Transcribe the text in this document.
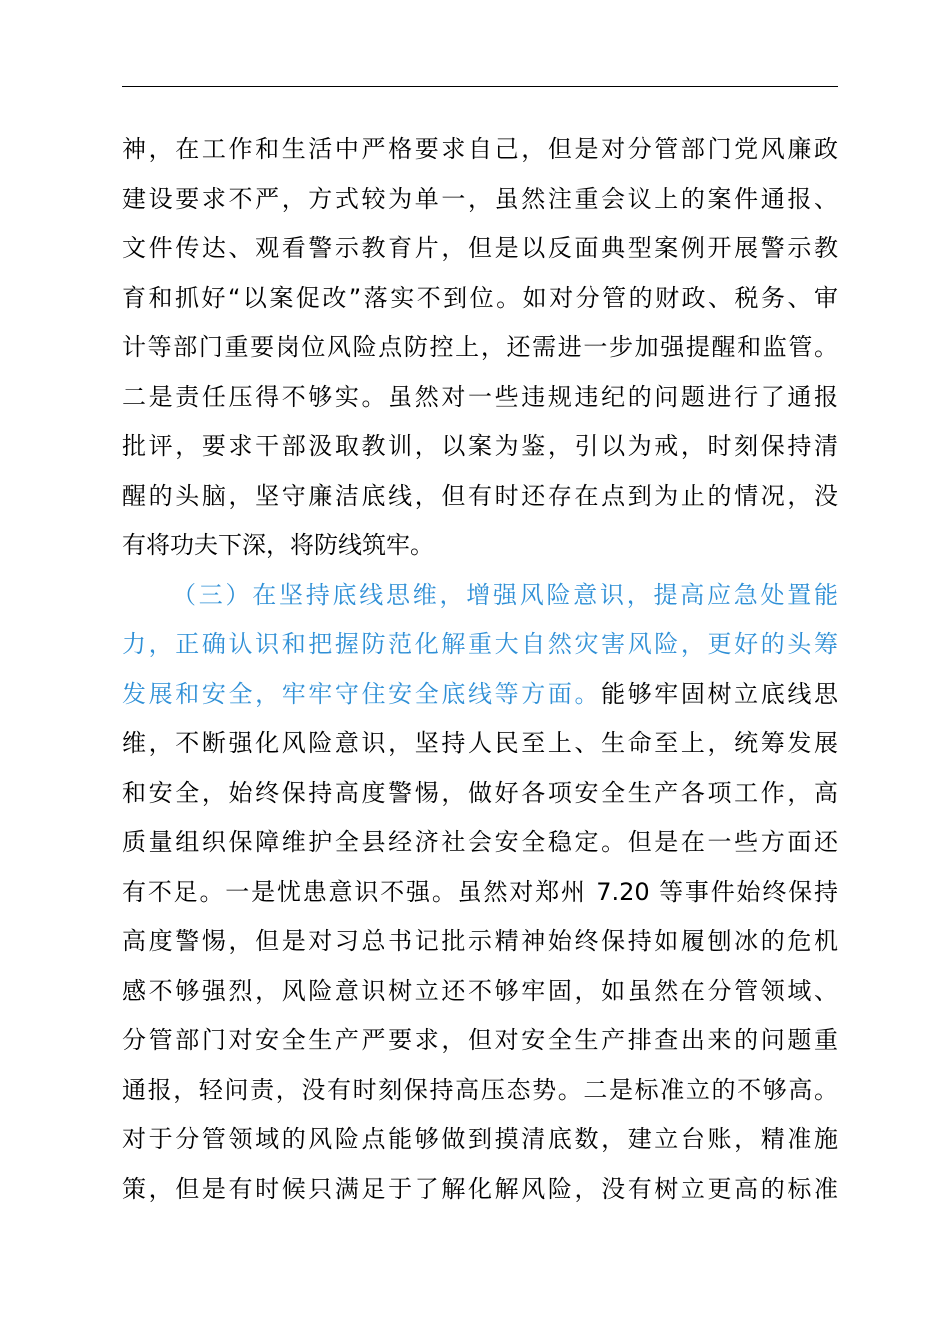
神，在工作和生活中严格要求自己，但是对分管部门党风廉政
建设要求不严，方式较为单一，虽然注重会议上的案件通报、
文件传达、观看警示教育片，但是以反面典型案例开展警示教
育和抓好“以案促改”落实不到位。如对分管的财政、税务、审
计等部门重要岗位风险点防控上，还需进一步加强提醒和监管。
二是责任压得不够实。虽然对一些违规违纪的问题进行了通报
批评，要求干部汲取教训，以案为鉴，引以为戒，时刻保持清
醒的头脑，坚守廉洁底线，但有时还存在点到为止的情况，没
有将功夫下深，将防线筑牢。
（三）在坚持底线思维，增强风险意识，提高应急处置能
力，正确认识和把握防范化解重大自然灾害风险，更好的头筹
发展和安全，牢牢守住安全底线等方面。能够牢固树立底线思
维，不断强化风险意识，坚持人民至上、生命至上，统筹发展
和安全，始终保持高度警惕，做好各项安全生产各项工作，高
质量组织保障维护全县经济社会安全稳定。但是在一些方面还
有不足。一是忧患意识不强。虽然对郑州 7.20 等事件始终保持
高度警惕，但是对习总书记批示精神始终保持如履刨冰的危机
感不够强烈，风险意识树立还不够牢固，如虽然在分管领域、
分管部门对安全生产严要求，但对安全生产排查出来的问题重
通报，轻问责，没有时刻保持高压态势。二是标准立的不够高。
对于分管领域的风险点能够做到摸清底数，建立台账，精准施
策，但是有时候只满足于了解化解风险，没有树立更高的标准
